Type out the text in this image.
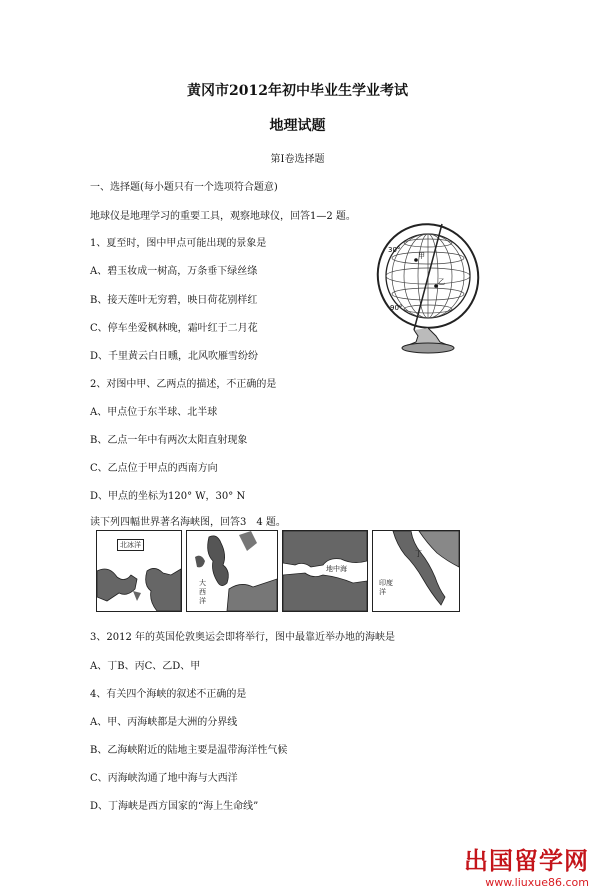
黄冈市2012年初中毕业生学业考试
地理试题
第Ⅰ卷选择题
一、选择题(每小题只有一个选项符合题意)
地球仪是地理学习的重要工具，观察地球仪，回答1—2 题。
1、夏至时，图中甲点可能出现的景象是
A、碧玉妆成一树高，万条垂下绿丝绦
B、接天莲叶无穷碧，映日荷花别样红
C、停车坐爱枫林晚，霜叶红于二月花
D、千里黄云白日曛，北风吹雁雪纷纷
2、对图中甲、乙两点的描述，不正确的是
A、甲点位于东半球、北半球
B、乙点一年中有两次太阳直射现象
C、乙点位于甲点的西南方向
D、甲点的坐标为120° W，30° N
30°
90°
甲
乙
读下列四幅世界著名海峡图，回答3　4 题。
北冰洋
大西洋
地中海
丁
印度洋
3、2012 年的英国伦敦奥运会即将举行，图中最靠近举办地的海峡是
A、丁B、丙C、乙D、甲
4、有关四个海峡的叙述不正确的是
A、甲、丙海峡都是大洲的分界线
B、乙海峡附近的陆地主要是温带海洋性气候
C、丙海峡沟通了地中海与大西洋
D、丁海峡是西方国家的“海上生命线”
出国留学网
www.liuxue86.com
